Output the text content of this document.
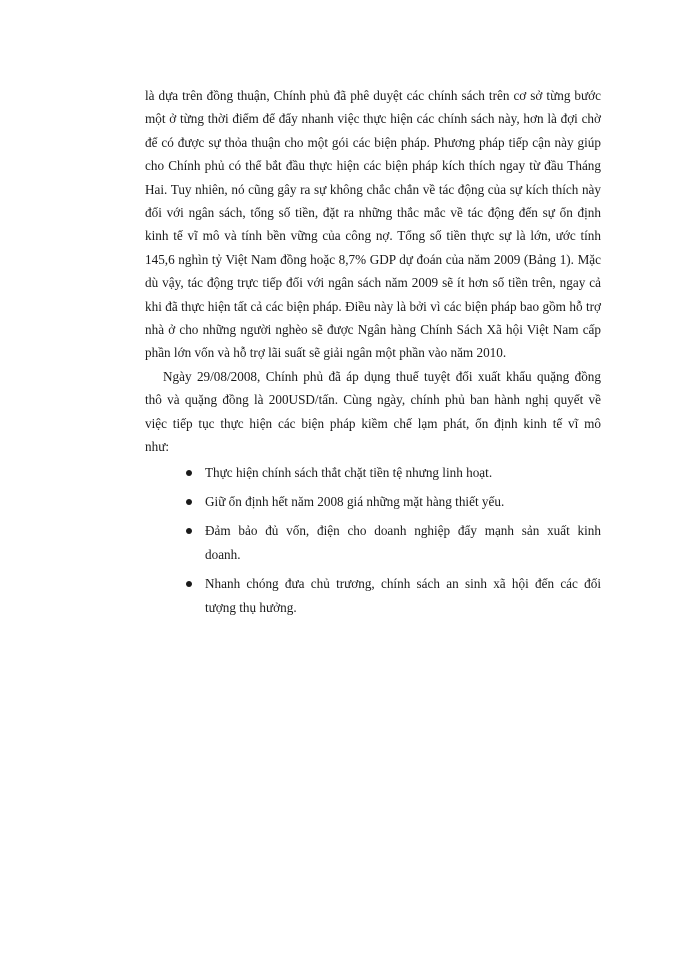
là dựa trên đồng thuận, Chính phủ đã phê duyệt các chính sách trên cơ sở từng bước
một ở từng thời điểm để đẩy nhanh việc thực hiện các chính sách này, hơn là đợi chờ
để có được sự thỏa thuận cho một gói các biện pháp. Phương pháp tiếp cận này giúp
cho Chính phủ có thể bắt đầu thực hiện các biện pháp kích thích ngay từ đầu Tháng
Hai. Tuy nhiên, nó cũng gây ra sự không chắc chắn về tác động của sự kích thích này
đối với ngân sách, tổng số tiền, đặt ra những thắc mắc về tác động đến sự ổn định
kinh tế vĩ mô và tính bền vững của công nợ. Tổng số tiền thực sự là lớn, ước tính
145,6 nghìn tỷ Việt Nam đồng hoặc 8,7% GDP dự đoán của năm 2009 (Bảng 1). Mặc
dù vậy, tác động trực tiếp đối với ngân sách năm 2009 sẽ ít hơn số tiền trên, ngay cả
khi đã thực hiện tất cả các biện pháp. Điều này là bởi vì các biện pháp bao gồm hỗ trợ
nhà ở cho những người nghèo sẽ được Ngân hàng Chính Sách Xã hội Việt Nam cấp
phần lớn vốn và hỗ trợ lãi suất sẽ giải ngân một phần vào năm 2010.
Ngày 29/08/2008, Chính phủ đã áp dụng thuế tuyệt đối xuất khẩu quặng đồng
thô và quặng đồng là 200USD/tấn. Cùng ngày, chính phủ ban hành nghị quyết về
việc tiếp tục thực hiện các biện pháp kiềm chế lạm phát, ổn định kinh tế vĩ mô
như:
Thực hiện chính sách thắt chặt tiền tệ nhưng linh hoạt.
Giữ ổn định hết năm 2008 giá những mặt hàng thiết yếu.
Đảm bảo đủ vốn, điện cho doanh nghiệp đẩy mạnh sản xuất kinh
doanh.
Nhanh chóng đưa chủ trương, chính sách an sinh xã hội đến các đối
tượng thụ hưởng.
